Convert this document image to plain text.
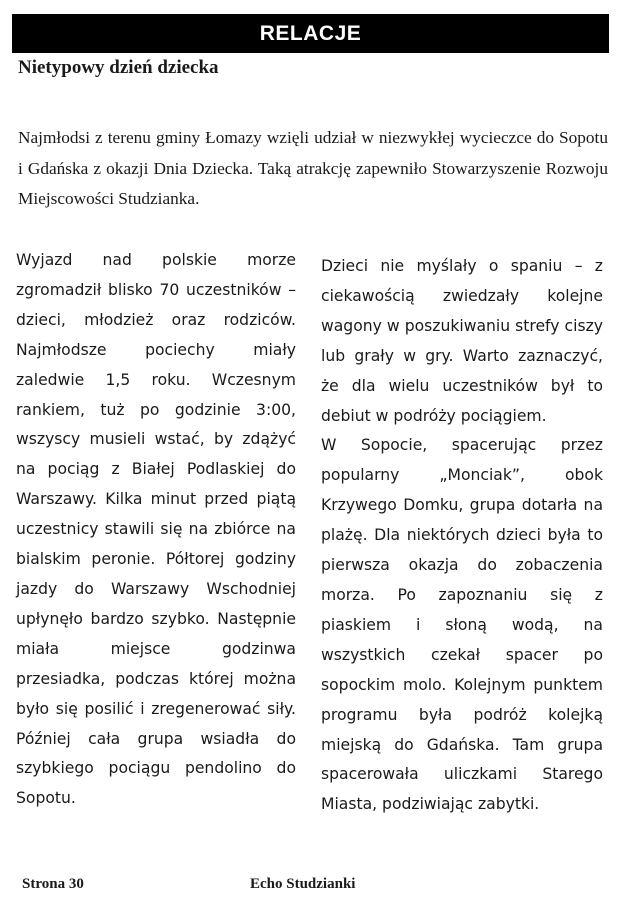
RELACJE
Nietypowy dzień dziecka

Najmłodsi z terenu gminy Łomazy wzięli udział w niezwykłej wycieczce do Sopotu i Gdańska z okazji Dnia Dziecka. Taką atrakcję zapewniło Stowarzyszenie Rozwoju Miejscowości Studzianka.

Wyjazd nad polskie morze zgromadził blisko 70 uczestników – dzieci, młodzież oraz rodziców. Najmłodsze pociechy miały zaledwie 1,5 roku. Wczesnym rankiem, tuż po godzinie 3:00, wszyscy musieli wstać, by zdążyć na pociąg z Białej Podlaskiej do Warszawy. Kilka minut przed piątą uczestnicy stawili się na zbiórce na bialskim peronie. Półtorej godziny jazdy do Warszawy Wschodniej upłynęło bardzo szybko. Następnie miała miejsce godzinwa przesiadka, podczas której można było się posilić i zregenerować siły. Później cała grupa wsiadła do szybkiego pociągu pendolino do Sopotu.

Dzieci nie myślały o spaniu – z ciekawością zwiedzały kolejne wagony w poszukiwaniu strefy ciszy lub grały w gry. Warto zaznaczyć, że dla wielu uczestników był to debiut w podróży pociągiem.

W Sopocie, spacerując przez popularny „Monciak”, obok Krzywego Domku, grupa dotarła na plażę. Dla niektórych dzieci była to pierwsza okazja do zobaczenia morza. Po zapoznaniu się z piaskiem i słoną wodą, na wszystkich czekał spacer po sopockim molo. Kolejnym punktem programu była podróż kolejką miejską do Gdańska. Tam grupa spacerowała uliczkami Starego Miasta, podziwiając zabytki.

Strona 30	Echo Studzianki
